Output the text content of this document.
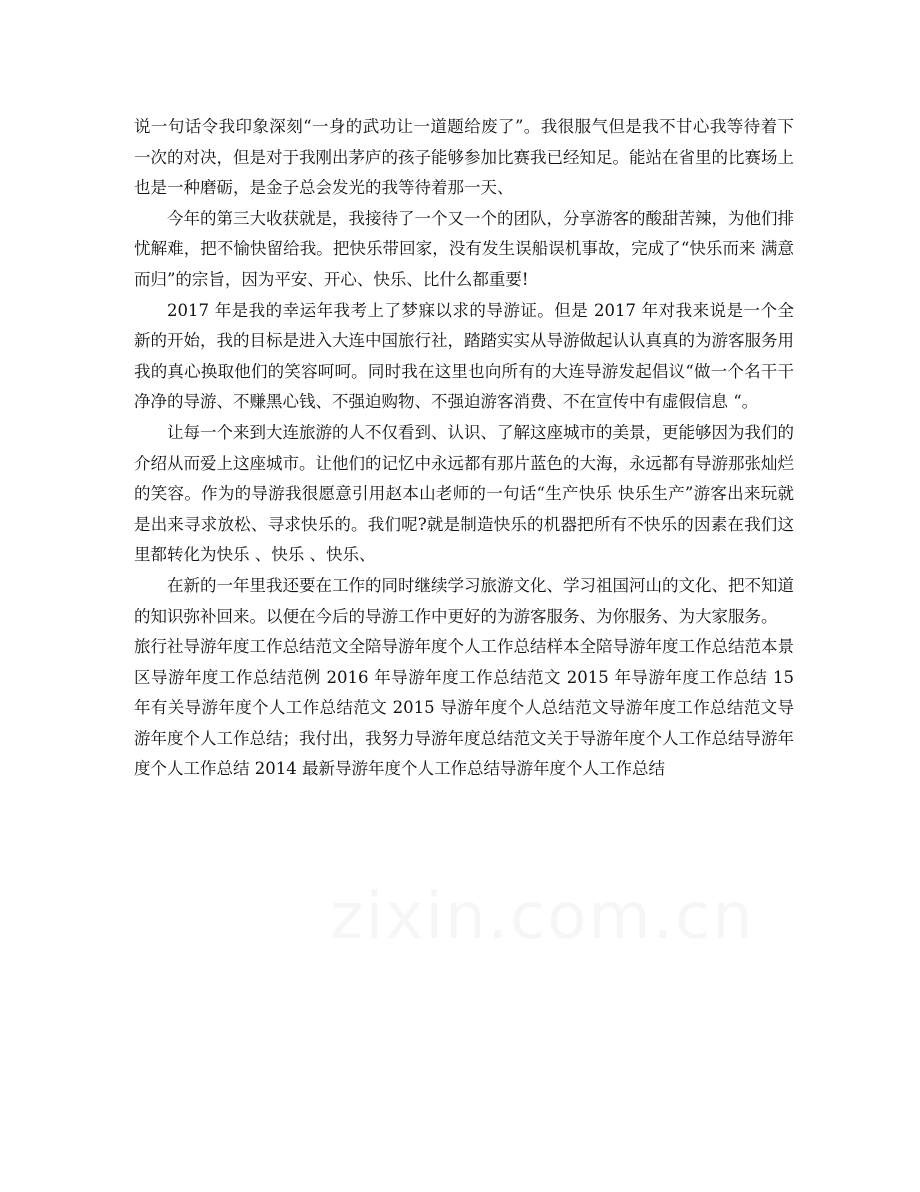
说一句话令我印象深刻“一身的武功让一道题给废了”。我很服气但是我不甘心我等待着下一次的对决，但是对于我刚出茅庐的孩子能够参加比赛我已经知足。能站在省里的比赛场上也是一种磨砺，是金子总会发光的我等待着那一天、

今年的第三大收获就是，我接待了一个又一个的团队，分享游客的酸甜苦辣，为他们排忧解难，把不愉快留给我。把快乐带回家，没有发生误船误机事故，完成了“快乐而来 满意而归”的宗旨，因为平安、开心、快乐、比什么都重要!

2017 年是我的幸运年我考上了梦寐以求的导游证。但是 2017 年对我来说是一个全新的开始，我的目标是进入大连中国旅行社，踏踏实实从导游做起认认真真的为游客服务用我的真心换取他们的笑容呵呵。同时我在这里也向所有的大连导游发起倡议“做一个名干干净净的导游、不赚黑心钱、不强迫购物、不强迫游客消费、不在宣传中有虚假信息 “。

让每一个来到大连旅游的人不仅看到、认识、了解这座城市的美景，更能够因为我们的介绍从而爱上这座城市。让他们的记忆中永远都有那片蓝色的大海，永远都有导游那张灿烂的笑容。作为的导游我很愿意引用赵本山老师的一句话“生产快乐 快乐生产”游客出来玩就是出来寻求放松、寻求快乐的。我们呢?就是制造快乐的机器把所有不快乐的因素在我们这里都转化为快乐 、快乐 、快乐、

在新的一年里我还要在工作的同时继续学习旅游文化、学习祖国河山的文化、把不知道的知识弥补回来。以便在今后的导游工作中更好的为游客服务、为你服务、为大家服务。

旅行社导游年度工作总结范文全陪导游年度个人工作总结样本全陪导游年度工作总结范本景区导游年度工作总结范例 2016 年导游年度工作总结范文 2015 年导游年度工作总结 15 年有关导游年度个人工作总结范文 2015 导游年度个人总结范文导游年度工作总结范文导游年度个人工作总结；我付出，我努力导游年度总结范文关于导游年度个人工作总结导游年度个人工作总结 2014 最新导游年度个人工作总结导游年度个人工作总结
